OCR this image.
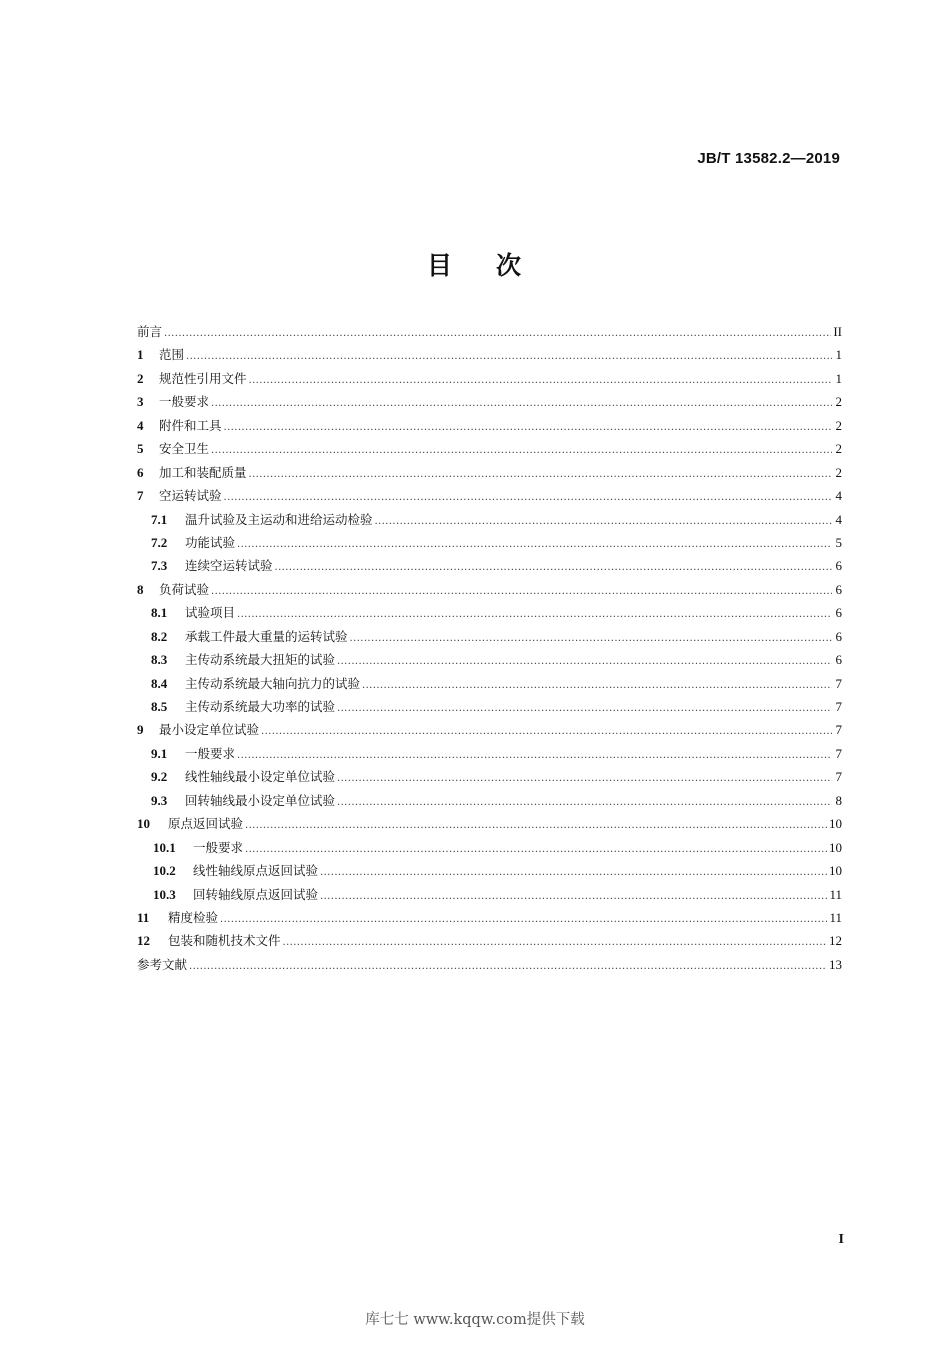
JB/T 13582.2—2019
目 次
前言 .....	II
1	范围 .....	1
2	规范性引用文件 .....	1
3	一般要求 .....	2
4	附件和工具 .....	2
5	安全卫生 .....	2
6	加工和装配质量 .....	2
7	空运转试验 .....	4
7.1	温升试验及主运动和进给运动检验 .....	4
7.2	功能试验 .....	5
7.3	连续空运转试验 .....	6
8	负荷试验 .....	6
8.1	试验项目 .....	6
8.2	承载工件最大重量的运转试验 .....	6
8.3	主传动系统最大扭矩的试验 .....	6
8.4	主传动系统最大轴向抗力的试验 .....	7
8.5	主传动系统最大功率的试验 .....	7
9	最小设定单位试验 .....	7
9.1	一般要求 .....	7
9.2	线性轴线最小设定单位试验 .....	7
9.3	回转轴线最小设定单位试验 .....	8
10	原点返回试验 .....	10
10.1	一般要求 .....	10
10.2	线性轴线原点返回试验 .....	10
10.3	回转轴线原点返回试验 .....	11
11	精度检验 .....	11
12	包装和随机技术文件 .....	12
参考文献 .....	13
I
库七七 www.kqqw.com提供下载
